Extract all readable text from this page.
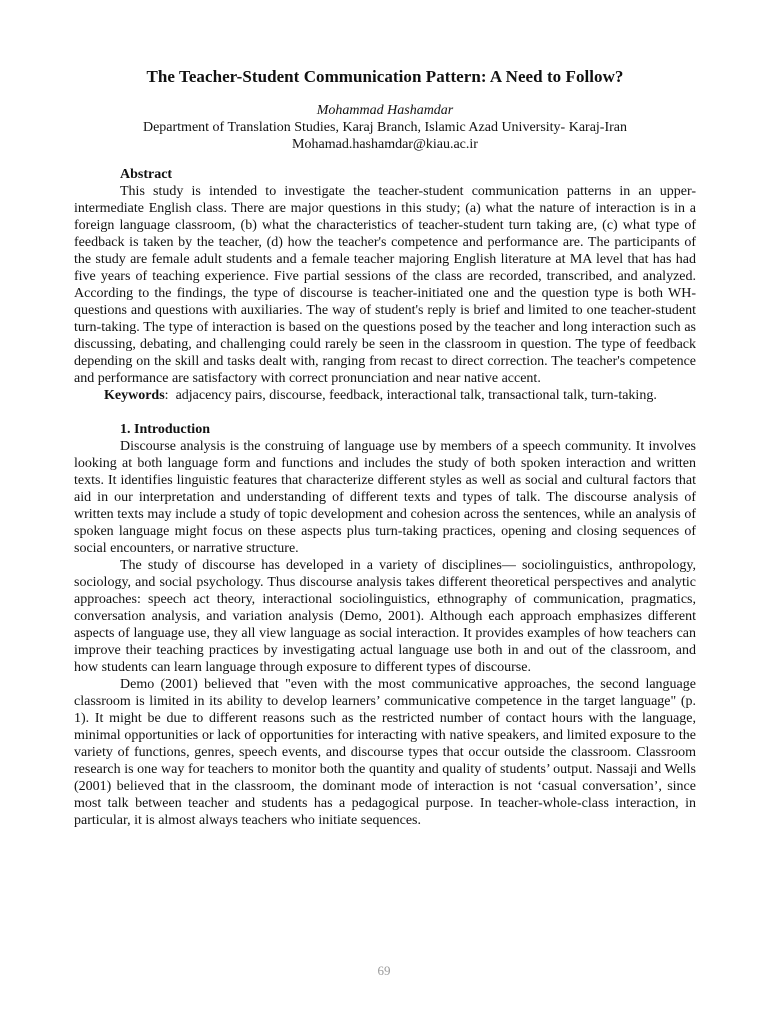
The Teacher-Student Communication Pattern: A Need to Follow?

Mohammad Hashamdar

Department of Translation Studies, Karaj Branch, Islamic Azad University- Karaj-Iran

Mohamad.hashamdar@kiau.ac.ir

Abstract

This study is intended to investigate the teacher-student communication patterns in an upper-intermediate English class. There are major questions in this study; (a) what the nature of interaction is in a foreign language classroom, (b) what the characteristics of teacher-student turn taking are, (c) what type of feedback is taken by the teacher, (d) how the teacher's competence and performance are. The participants of the study are female adult students and a female teacher majoring English literature at MA level that has had five years of teaching experience. Five partial sessions of the class are recorded, transcribed, and analyzed. According to the findings, the type of discourse is teacher-initiated one and the question type is both WH-questions and questions with auxiliaries. The way of student's reply is brief and limited to one teacher-student turn-taking. The type of interaction is based on the questions posed by the teacher and long interaction such as discussing, debating, and challenging could rarely be seen in the classroom in question. The type of feedback depending on the skill and tasks dealt with, ranging from recast to direct correction. The teacher's competence and performance are satisfactory with correct pronunciation and near native accent.

Keywords:  adjacency pairs, discourse, feedback, interactional talk, transactional talk, turn-taking.

1. Introduction

Discourse analysis is the construing of language use by members of a speech community. It involves looking at both language form and functions and includes the study of both spoken interaction and written texts. It identifies linguistic features that characterize different styles as well as social and cultural factors that aid in our interpretation and understanding of different texts and types of talk. The discourse analysis of written texts may include a study of topic development and cohesion across the sentences, while an analysis of spoken language might focus on these aspects plus turn-taking practices, opening and closing sequences of social encounters, or narrative structure.

The study of discourse has developed in a variety of disciplines— sociolinguistics, anthropology, sociology, and social psychology. Thus discourse analysis takes different theoretical perspectives and analytic approaches: speech act theory, interactional sociolinguistics, ethnography of communication, pragmatics, conversation analysis, and variation analysis (Demo, 2001). Although each approach emphasizes different aspects of language use, they all view language as social interaction. It provides examples of how teachers can improve their teaching practices by investigating actual language use both in and out of the classroom, and how students can learn language through exposure to different types of discourse.

Demo (2001) believed that "even with the most communicative approaches, the second language classroom is limited in its ability to develop learners’ communicative competence in the target language" (p. 1). It might be due to different reasons such as the restricted number of contact hours with the language, minimal opportunities or lack of opportunities for interacting with native speakers, and limited exposure to the variety of functions, genres, speech events, and discourse types that occur outside the classroom. Classroom research is one way for teachers to monitor both the quantity and quality of students’ output. Nassaji and Wells (2001) believed that in the classroom, the dominant mode of interaction is not ‘casual conversation’, since most talk between teacher and students has a pedagogical purpose. In teacher-whole-class interaction, in particular, it is almost always teachers who initiate sequences.

69
